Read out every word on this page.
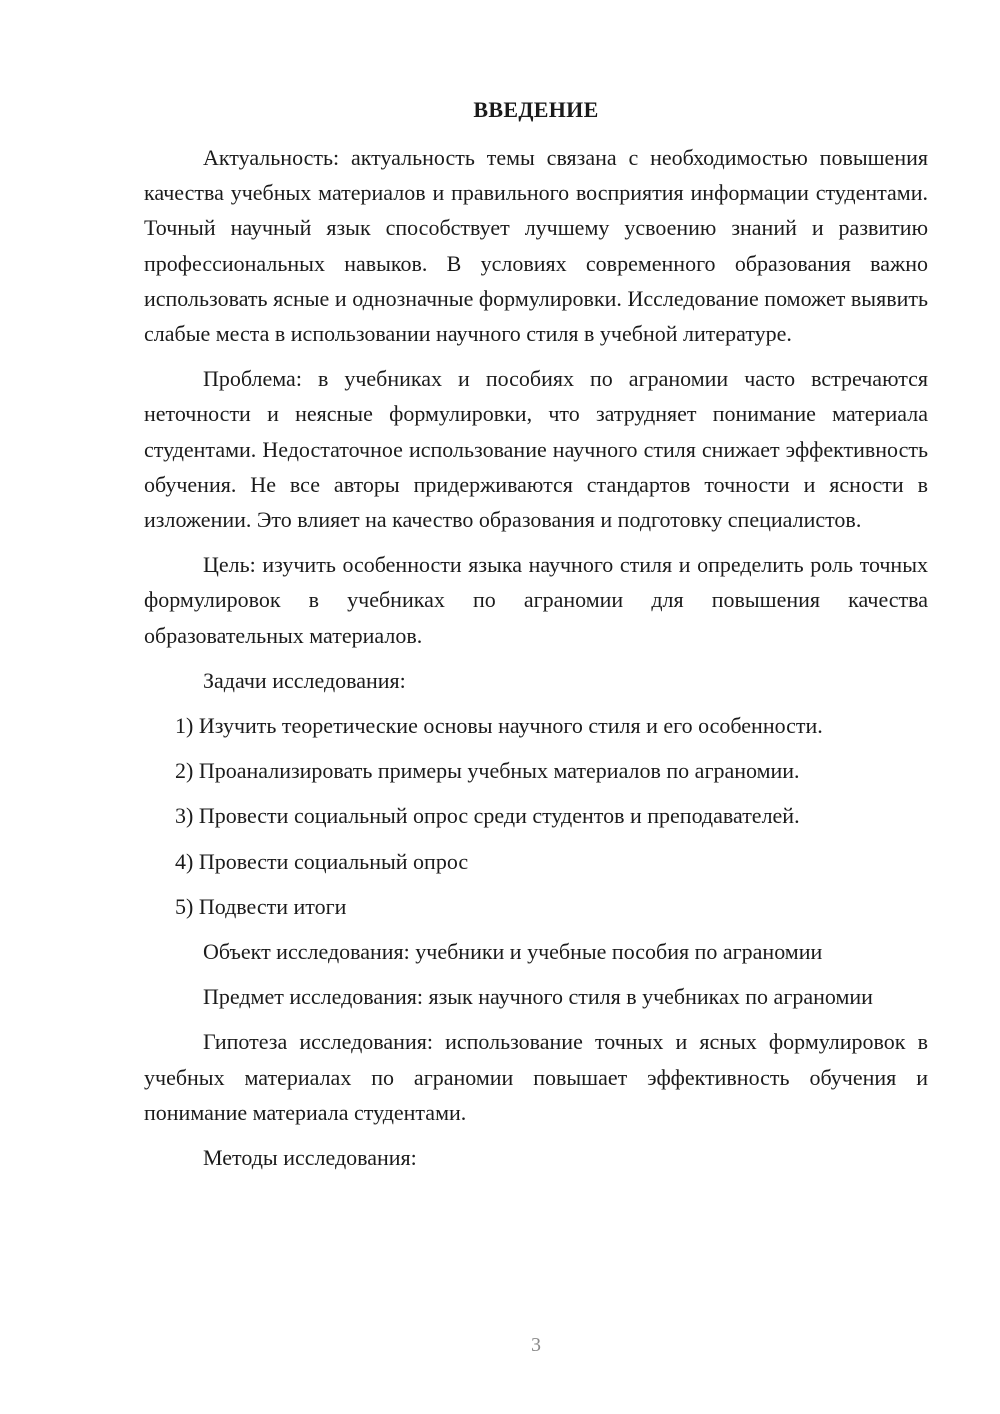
ВВЕДЕНИЕ

Актуальность: актуальность темы связана с необходимостью повышения качества учебных материалов и правильного восприятия информации студентами. Точный научный язык способствует лучшему усвоению знаний и развитию профессиональных навыков. В условиях современного образования важно использовать ясные и однозначные формулировки. Исследование поможет выявить слабые места в использовании научного стиля в учебной литературе.

Проблема: в учебниках и пособиях по аграномии часто встречаются неточности и неясные формулировки, что затрудняет понимание материала студентами. Недостаточное использование научного стиля снижает эффективность обучения. Не все авторы придерживаются стандартов точности и ясности в изложении. Это влияет на качество образования и подготовку специалистов.

Цель: изучить особенности языка научного стиля и определить роль точных формулировок в учебниках по аграномии для повышения качества образовательных материалов.

Задачи исследования:

1) Изучить теоретические основы научного стиля и его особенности.

2) Проанализировать примеры учебных материалов по аграномии.

3) Провести социальный опрос среди студентов и преподавателей.

4) Провести социальный опрос

5) Подвести итоги

Объект исследования: учебники и учебные пособия по аграномии

Предмет исследования: язык научного стиля в учебниках по аграномии

Гипотеза исследования: использование точных и ясных формулировок в учебных материалах по аграномии повышает эффективность обучения и понимание материала студентами.

Методы исследования:

3
